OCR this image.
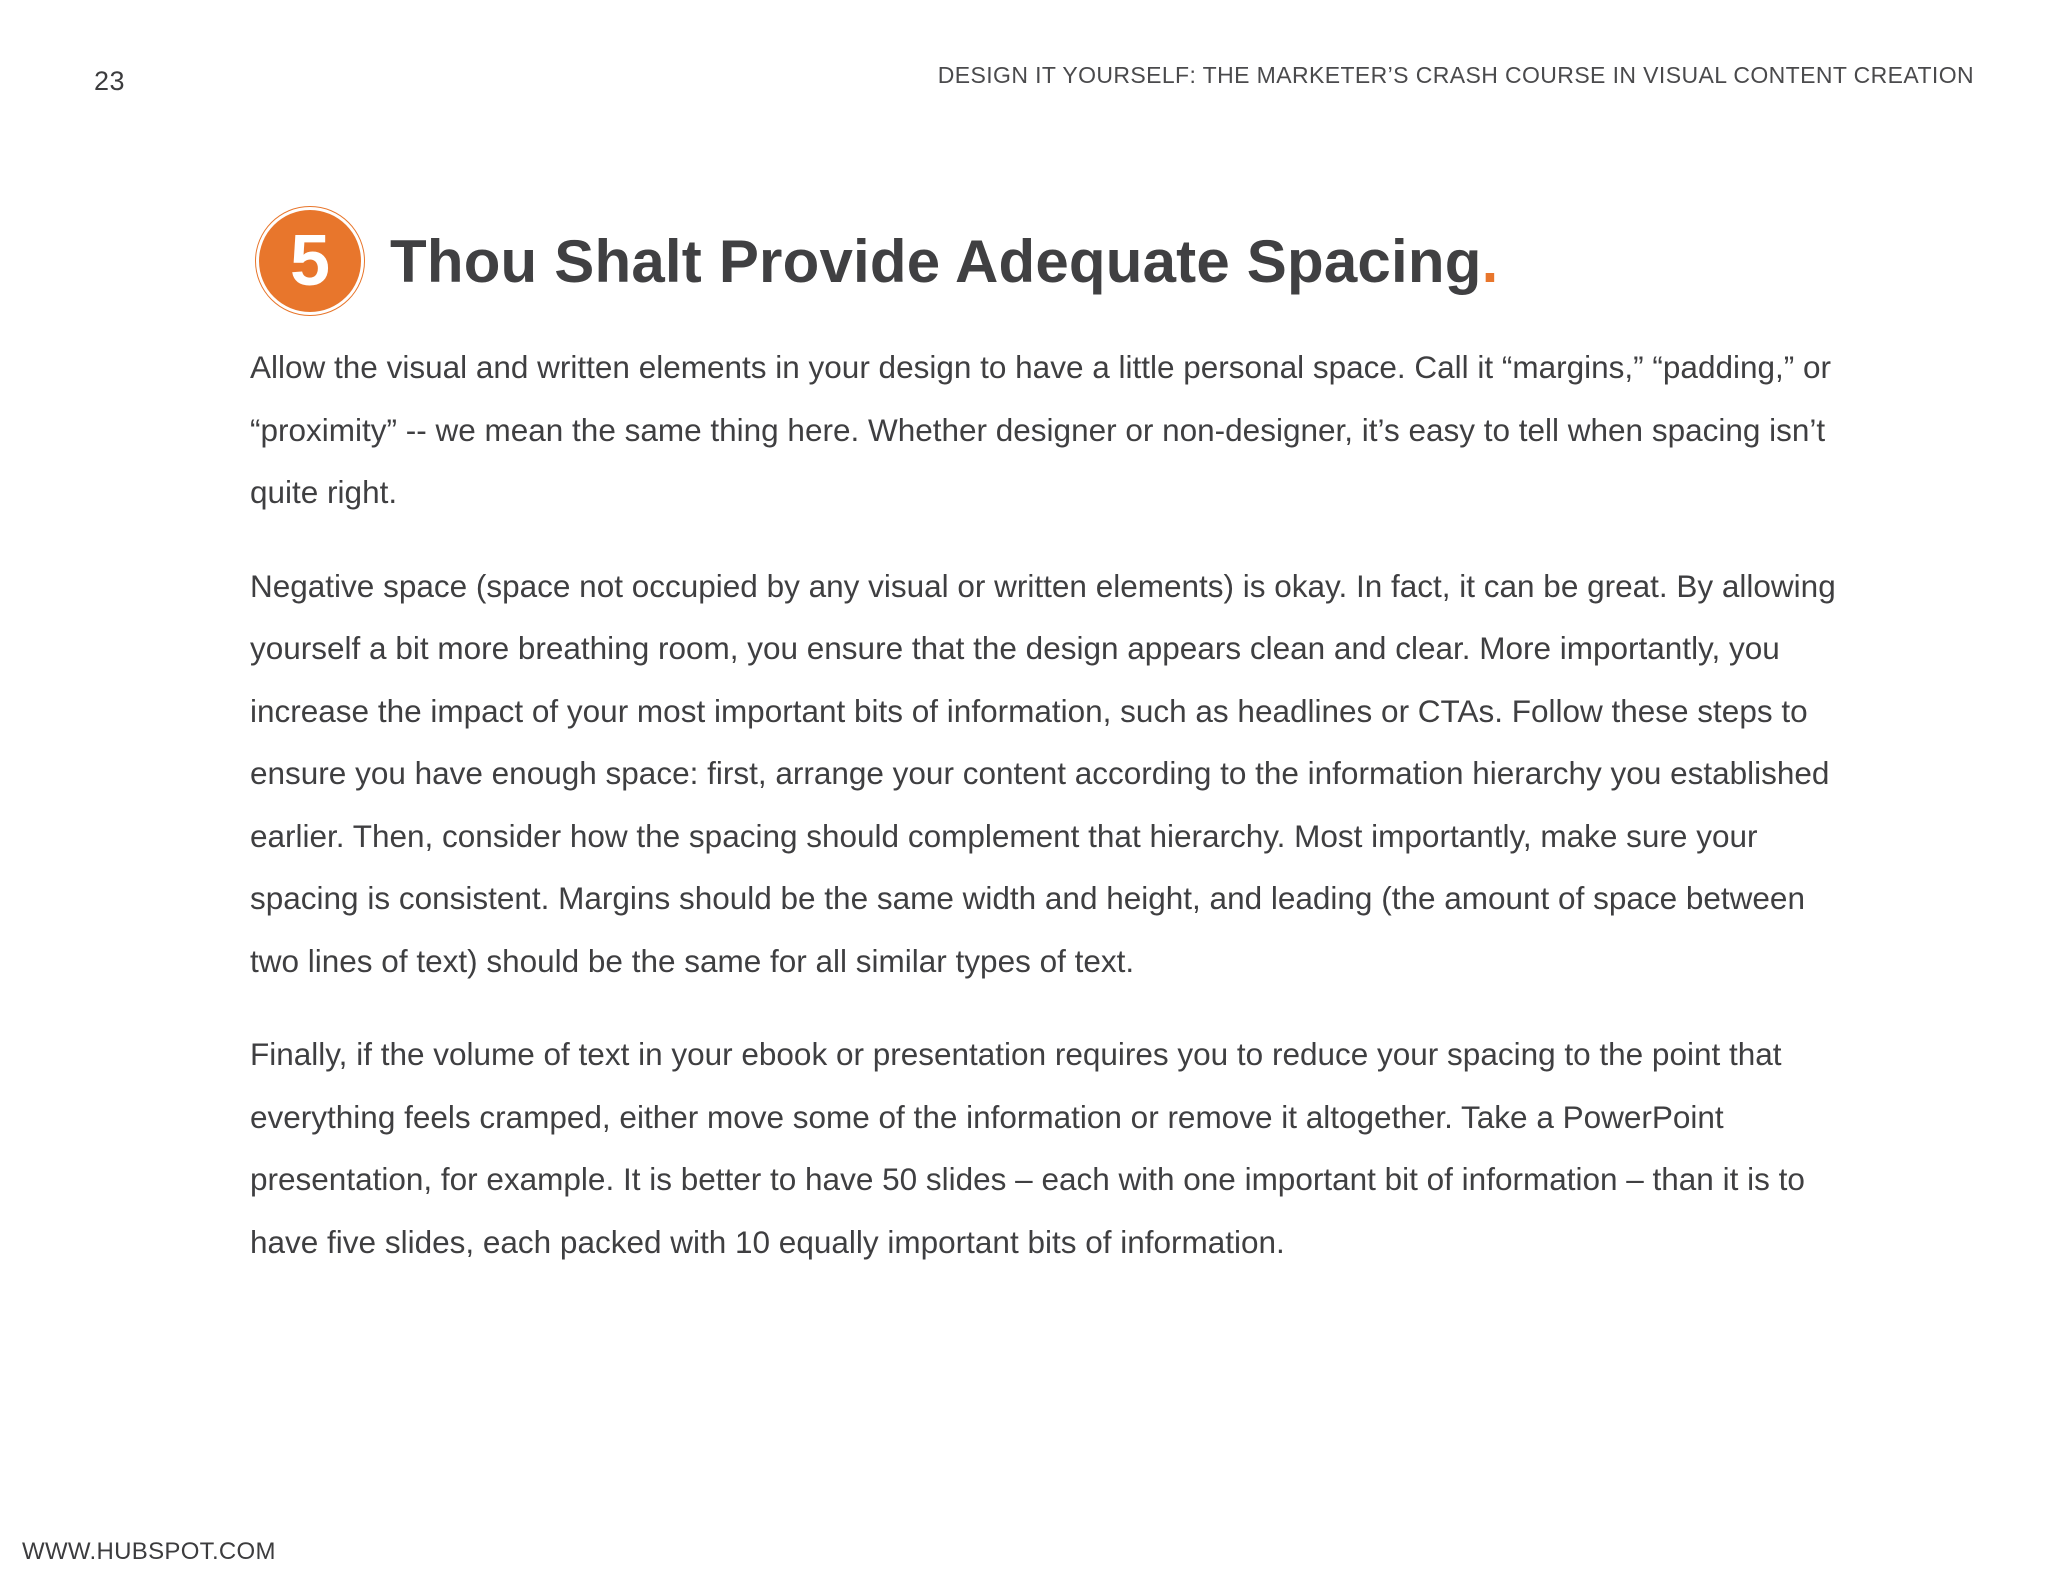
23	DESIGN IT YOURSELF: THE MARKETER’S CRASH COURSE IN VISUAL CONTENT CREATION
5 Thou Shalt Provide Adequate Spacing.

Allow the visual and written elements in your design to have a little personal space. Call it “margins,” “padding,” or “proximity” -- we mean the same thing here. Whether designer or non-designer, it’s easy to tell when spacing isn’t quite right.

Negative space (space not occupied by any visual or written elements) is okay. In fact, it can be great. By allowing yourself a bit more breathing room, you ensure that the design appears clean and clear. More importantly, you increase the impact of your most important bits of information, such as headlines or CTAs. Follow these steps to ensure you have enough space: first, arrange your content according to the information hierarchy you established earlier. Then, consider how the spacing should complement that hierarchy. Most importantly, make sure your spacing is consistent. Margins should be the same width and height, and leading (the amount of space between two lines of text) should be the same for all similar types of text.

Finally, if the volume of text in your ebook or presentation requires you to reduce your spacing to the point that everything feels cramped, either move some of the information or remove it altogether. Take a PowerPoint presentation, for example. It is better to have 50 slides – each with one important bit of information – than it is to have five slides, each packed with 10 equally important bits of information.

WWW.HUBSPOT.COM
